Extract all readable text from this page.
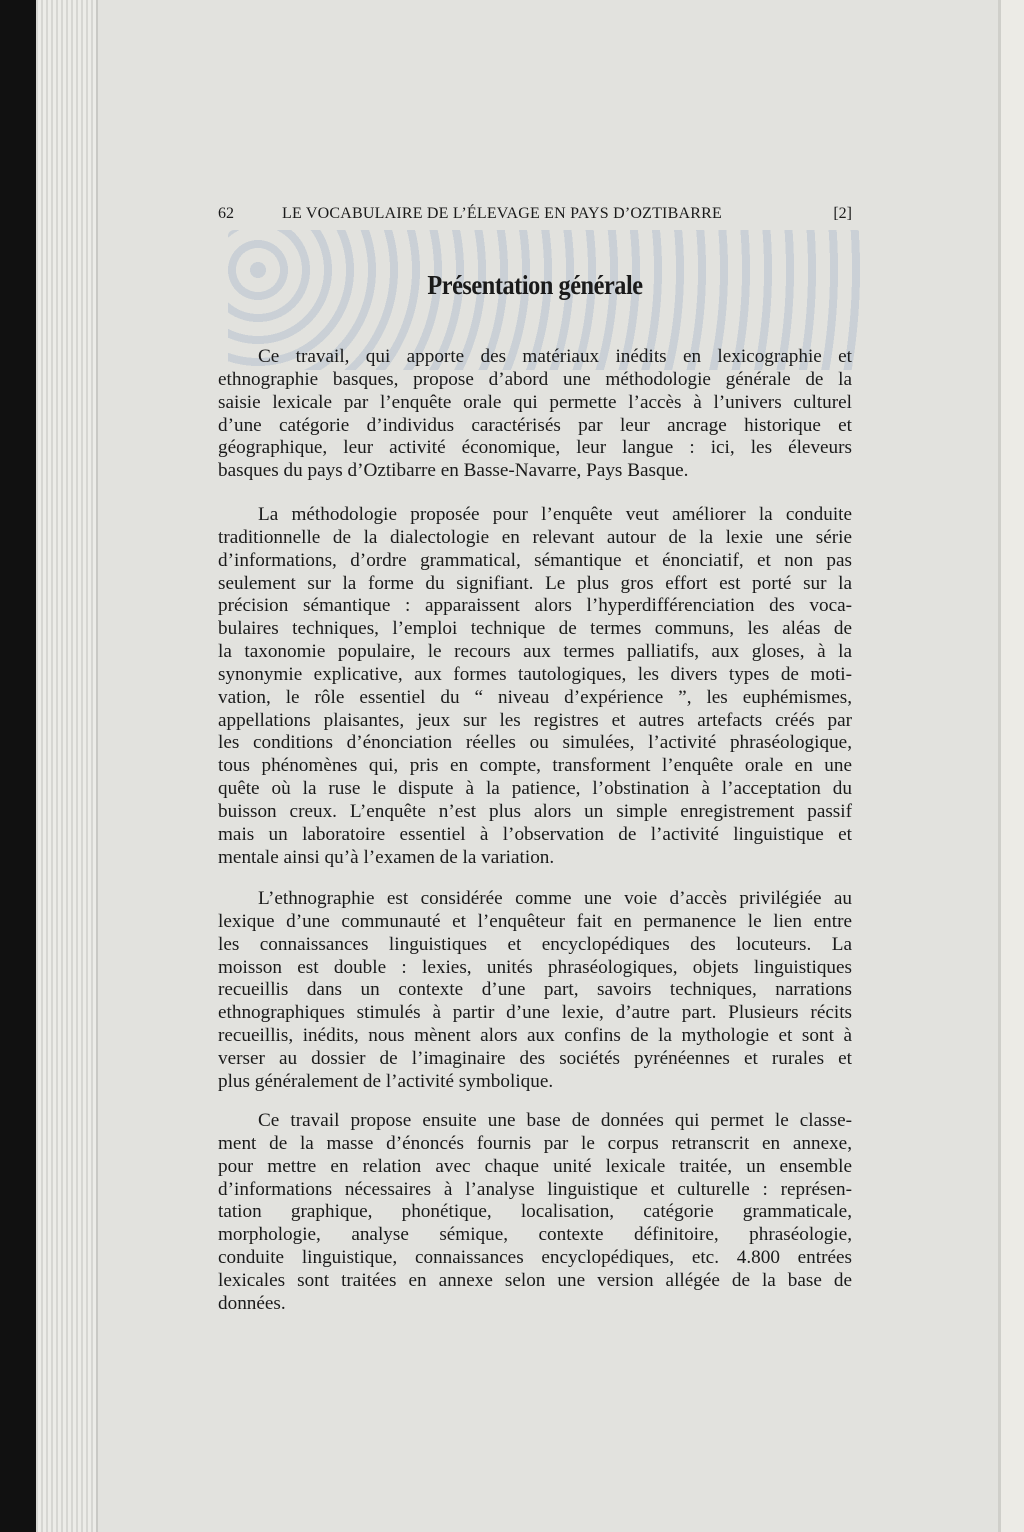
62	LE VOCABULAIRE DE L’ÉLEVAGE EN PAYS D’OZTIBARRE	[2]
Présentation générale
Ce travail, qui apporte des matériaux inédits en lexicographie et
ethnographie basques, propose d’abord une méthodologie générale de la
saisie lexicale par l’enquête orale qui permette l’accès à l’univers culturel
d’une catégorie d’individus caractérisés par leur ancrage historique et
géographique, leur activité économique, leur langue : ici, les éleveurs
basques du pays d’Oztibarre en Basse-Navarre, Pays Basque.
La méthodologie proposée pour l’enquête veut améliorer la conduite
traditionnelle de la dialectologie en relevant autour de la lexie une série
d’informations, d’ordre grammatical, sémantique et énonciatif, et non pas
seulement sur la forme du signifiant. Le plus gros effort est porté sur la
précision sémantique : apparaissent alors l’hyperdifférenciation des voca-
bulaires techniques, l’emploi technique de termes communs, les aléas de
la taxonomie populaire, le recours aux termes palliatifs, aux gloses, à la
synonymie explicative, aux formes tautologiques, les divers types de moti-
vation, le rôle essentiel du “ niveau d’expérience ”, les euphémismes,
appellations plaisantes, jeux sur les registres et autres artefacts créés par
les conditions d’énonciation réelles ou simulées, l’activité phraséologique,
tous phénomènes qui, pris en compte, transforment l’enquête orale en une
quête où la ruse le dispute à la patience, l’obstination à l’acceptation du
buisson creux. L’enquête n’est plus alors un simple enregistrement passif
mais un laboratoire essentiel à l’observation de l’activité linguistique et
mentale ainsi qu’à l’examen de la variation.
L’ethnographie est considérée comme une voie d’accès privilégiée au
lexique d’une communauté et l’enquêteur fait en permanence le lien entre
les connaissances linguistiques et encyclopédiques des locuteurs. La
moisson est double : lexies, unités phraséologiques, objets linguistiques
recueillis dans un contexte d’une part, savoirs techniques, narrations
ethnographiques stimulés à partir d’une lexie, d’autre part. Plusieurs récits
recueillis, inédits, nous mènent alors aux confins de la mythologie et sont à
verser au dossier de l’imaginaire des sociétés pyrénéennes et rurales et
plus généralement de l’activité symbolique.
Ce travail propose ensuite une base de données qui permet le classe-
ment de la masse d’énoncés fournis par le corpus retranscrit en annexe,
pour mettre en relation avec chaque unité lexicale traitée, un ensemble
d’informations nécessaires à l’analyse linguistique et culturelle : représen-
tation graphique, phonétique, localisation, catégorie grammaticale,
morphologie, analyse sémique, contexte définitoire, phraséologie,
conduite linguistique, connaissances encyclopédiques, etc. 4.800 entrées
lexicales sont traitées en annexe selon une version allégée de la base de
données.
